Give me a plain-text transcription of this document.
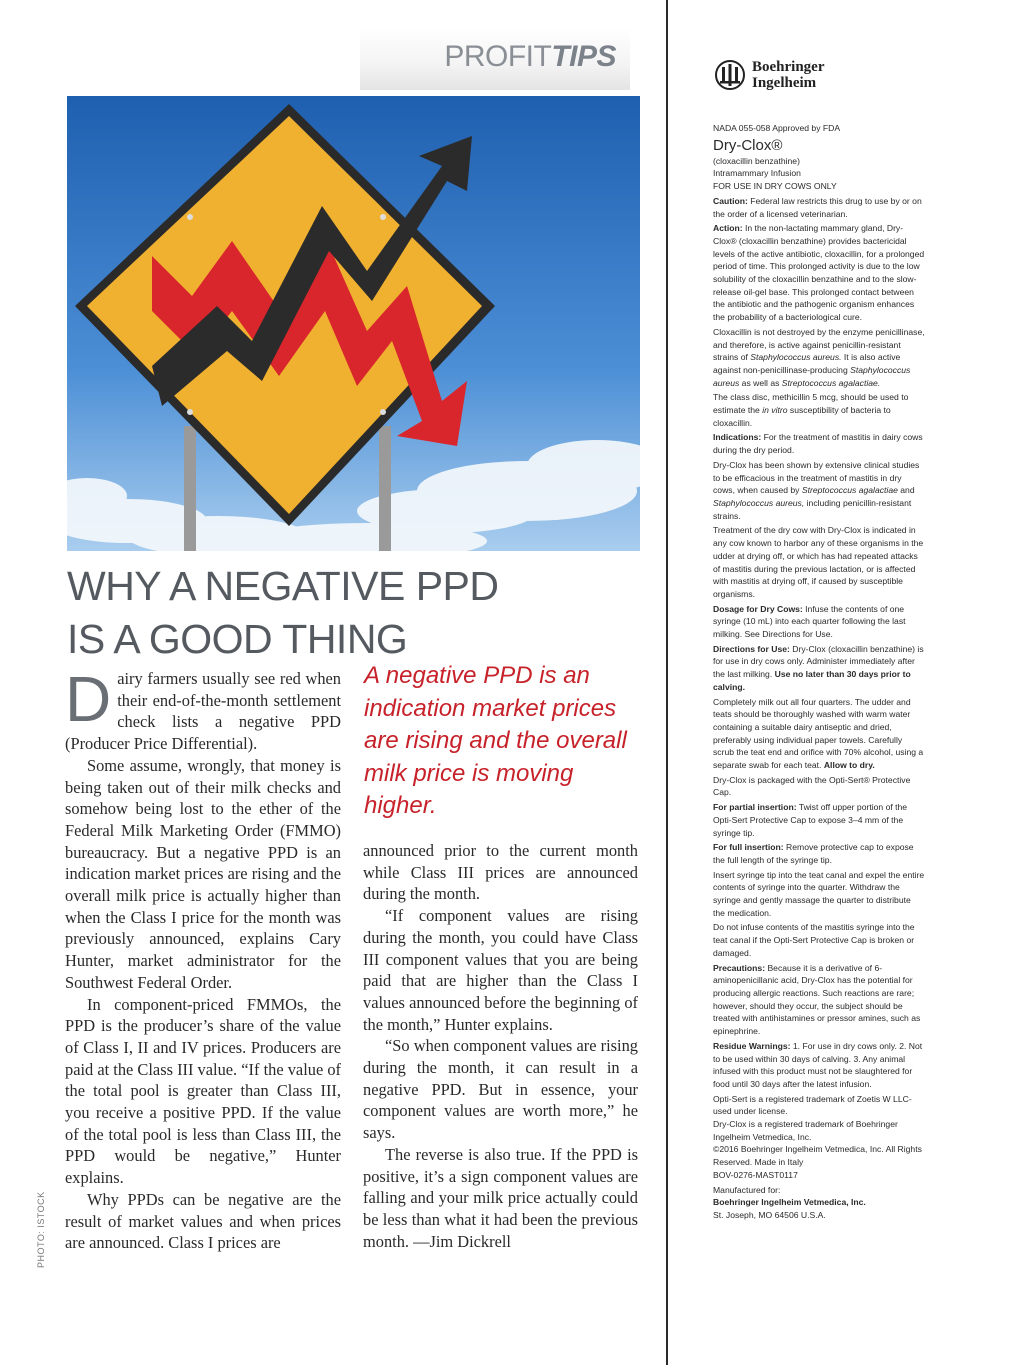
PROFITTIPS
WHY A NEGATIVE PPD
IS A GOOD THING

Dairy farmers usually see red when their end-of-the-month settlement check lists a negative PPD (Producer Price Differential).

Some assume, wrongly, that money is being taken out of their milk checks and somehow being lost to the ether of the Federal Milk Marketing Order (FMMO) bureaucracy. But a negative PPD is an indication market prices are rising and the overall milk price is actually higher than when the Class I price for the month was previously announced, explains Cary Hunter, market administrator for the Southwest Federal Order.

In component-priced FMMOs, the PPD is the producer’s share of the value of Class I, II and IV prices. Producers are paid at the Class III value. “If the value of the total pool is greater than Class III, you receive a positive PPD. If the value of the total pool is less than Class III, the PPD would be negative,” Hunter explains.

Why PPDs can be negative are the result of market values and when prices are announced. Class I prices are

A negative PPD is an indication market prices are rising and the overall milk price is moving higher.

announced prior to the current month while Class III prices are announced during the month.

“If component values are rising during the month, you could have Class III component values that you are being paid that are higher than the Class I values announced before the beginning of the month,” Hunter explains.

“So when component values are rising during the month, it can result in a negative PPD. But in essence, your component values are worth more,” he says.

The reverse is also true. If the PPD is positive, it’s a sign component values are falling and your milk price actually could be less than what it had been the previous month. —Jim Dickrell

PHOTO: ISTOCK
Boehringer
Ingelheim

NADA 055-058 Approved by FDA

Dry-Clox®

(cloxacillin benzathine)

Intramammary Infusion

FOR USE IN DRY COWS ONLY

Caution: Federal law restricts this drug to use by or on the order of a licensed veterinarian.

Action: In the non-lactating mammary gland, Dry-Clox® (cloxacillin benzathine) provides bactericidal levels of the active antibiotic, cloxacillin, for a prolonged period of time. This prolonged activity is due to the low solubility of the cloxacillin benzathine and to the slow-release oil-gel base. This prolonged contact between the antibiotic and the pathogenic organism enhances the probability of a bacteriological cure.

Cloxacillin is not destroyed by the enzyme penicillinase, and therefore, is active against penicillin-resistant strains of Staphylococcus aureus. It is also active against non-penicillinase-producing Staphylococcus aureus as well as Streptococcus agalactiae.

The class disc, methicillin 5 mcg, should be used to estimate the in vitro susceptibility of bacteria to cloxacillin.

Indications: For the treatment of mastitis in dairy cows during the dry period.

Dry-Clox has been shown by extensive clinical studies to be efficacious in the treatment of mastitis in dry cows, when caused by Streptococcus agalactiae and Staphylococcus aureus, including penicillin-resistant strains.

Treatment of the dry cow with Dry-Clox is indicated in any cow known to harbor any of these organisms in the udder at drying off, or which has had repeated attacks of mastitis during the previous lactation, or is affected with mastitis at drying off, if caused by susceptible organisms.

Dosage for Dry Cows: Infuse the contents of one syringe (10 mL) into each quarter following the last milking. See Directions for Use.

Directions for Use: Dry-Clox (cloxacillin benzathine) is for use in dry cows only. Administer immediately after the last milking. Use no later than 30 days prior to calving.

Completely milk out all four quarters. The udder and teats should be thoroughly washed with warm water containing a suitable dairy antiseptic and dried, preferably using individual paper towels. Carefully scrub the teat end and orifice with 70% alcohol, using a separate swab for each teat. Allow to dry.

Dry-Clox is packaged with the Opti-Sert® Protective Cap.

For partial insertion: Twist off upper portion of the Opti-Sert Protective Cap to expose 3–4 mm of the syringe tip.

For full insertion: Remove protective cap to expose the full length of the syringe tip.

Insert syringe tip into the teat canal and expel the entire contents of syringe into the quarter. Withdraw the syringe and gently massage the quarter to distribute the medication.

Do not infuse contents of the mastitis syringe into the teat canal if the Opti-Sert Protective Cap is broken or damaged.

Precautions: Because it is a derivative of 6-aminopenicillanic acid, Dry-Clox has the potential for producing allergic reactions. Such reactions are rare; however, should they occur, the subject should be treated with antihistamines or pressor amines, such as epinephrine.

Residue Warnings: 1. For use in dry cows only. 2. Not to be used within 30 days of calving. 3. Any animal infused with this product must not be slaughtered for food until 30 days after the latest infusion.

Opti-Sert is a registered trademark of Zoetis W LLC-used under license.

Dry-Clox is a registered trademark of Boehringer Ingelheim Vetmedica, Inc.

©2016 Boehringer Ingelheim Vetmedica, Inc. All Rights Reserved. Made in Italy

BOV-0276-MAST0117

Manufactured for:

Boehringer Ingelheim Vetmedica, Inc.

St. Joseph, MO 64506 U.S.A.
